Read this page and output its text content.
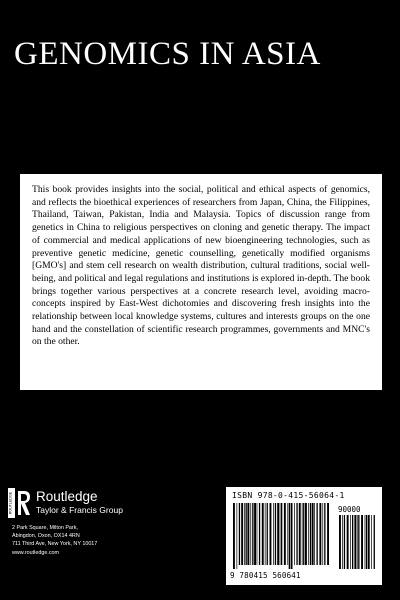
GENOMICS IN ASIA
This book provides insights into the social, political and ethical aspects of genomics, and reflects the bioethical experiences of researchers from Japan, China, the Filippines, Thailand, Taiwan, Pakistan, India and Malaysia. Topics of discussion range from genetics in China to religious perspectives on cloning and genetic therapy. The impact of commercial and medical applications of new bioengineering technologies, such as preventive genetic medicine, genetic counselling, genetically modified organisms [GMO's] and stem cell research on wealth distribution, cultural traditions, social well-being, and political and legal regulations and institutions is explored in-depth. The book brings together various perspectives at a concrete research level, avoiding macro-concepts inspired by East-West dichotomies and discovering fresh insights into the relationship between local knowledge systems, cultures and interests groups on the one hand and the constellation of scientific research programmes, governments and MNC's on the other.
ROUTLEDGE Routledge
Taylor & Francis Group
2 Park Square, Milton Park,
Abingdon, Oxon, OX14 4RN
711 Third Ave, New York, NY 10017
www.routledge.com
ISBN 978-0-415-56064-1
90000
9 780415 560641
